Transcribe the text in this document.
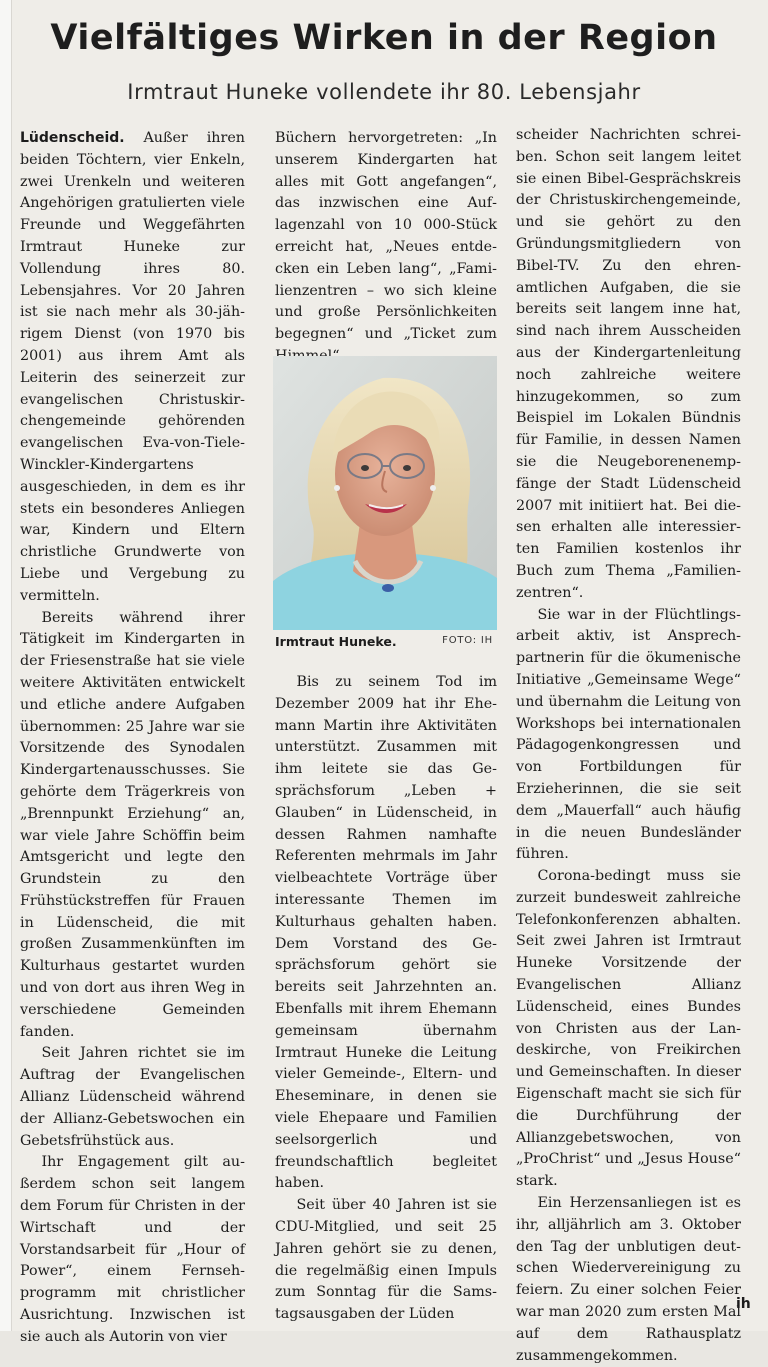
Vielfältiges Wirken in der Region
Irmtraut Huneke vollendete ihr 80. Lebensjahr

Lüdenscheid. Außer ihren beiden Töchtern, vier Enkeln, zwei Urenkeln und weiteren Angehörigen gratulierten viele Freunde und Weggefährten Irmtraut Huneke zur Vollendung ihres 80. Lebensjahres. Vor 20 Jahren ist sie nach mehr als 30-jährigem Dienst (von 1970 bis 2001) aus ihrem Amt als Leiterin des seinerzeit zur evangelischen Christuskirchengemeinde gehörenden evangelischen Eva-von-Tiele-Winckler-Kindergartens ausgeschieden, in dem es ihr stets ein besonderes Anliegen war, Kindern und Eltern christliche Grundwerte von Liebe und Vergebung zu vermitteln.

Bereits während ihrer Tätigkeit im Kindergarten in der Friesenstraße hat sie viele weitere Aktivitäten entwickelt und etliche andere Aufgaben übernommen: 25 Jahre war sie Vorsitzende des Synodalen Kindergartenausschusses. Sie gehörte dem Trägerkreis von „Brennpunkt Erziehung“ an, war viele Jahre Schöffin beim Amtsgericht und legte den Grundstein zu den Frühstückstreffen für Frauen in Lüdenscheid, die mit großen Zusammenkünften im Kulturhaus gestartet wurden und von dort aus ihren Weg in verschiedene Gemeinden fanden.

Seit Jahren richtet sie im Auftrag der Evangelischen Allianz Lüdenscheid während der Allianz-Gebetswochen ein Gebetsfrühstück aus.

Ihr Engagement gilt außerdem schon seit langem dem Forum für Christen in der Wirtschaft und der Vorstandsarbeit für „Hour of Power“, einem Fernsehprogramm mit christlicher Ausrichtung. Inzwischen ist sie auch als Autorin von vier

Büchern hervorgetreten: „In unserem Kindergarten hat alles mit Gott angefangen“, das inzwischen eine Auflagenzahl von 10 000-Stück erreicht hat, „Neues entdecken ein Leben lang“, „Familienzentren – wo sich kleine und große Persönlichkeiten begegnen“ und „Ticket zum

Irmtraut Huneke.	FOTO: IH

Bis zu seinem Tod im Dezember 2009 hat ihr Ehemann Martin ihre Aktivitäten unterstützt. Zusammen mit ihm leitete sie das Gesprächsforum „Leben + Glauben“ in Lüdenscheid, in dessen Rahmen namhafte Referenten mehrmals im Jahr vielbeachtete Vorträge über interessante Themen im Kulturhaus gehalten haben. Dem Vorstand des Gesprächsforum gehört sie bereits seit Jahrzehnten an. Ebenfalls mit ihrem Ehemann gemeinsam übernahm Irmtraut Huneke die Leitung vieler Gemeinde-, Eltern- und Eheseminare, in denen sie viele Ehepaare und Familien seelsorgerlich und freundschaftlich begleitet haben.

Seit über 40 Jahren ist sie CDU-Mitglied, und seit 25 Jahren gehört sie zu denen, die regelmäßig einen Impuls zum Sonntag für die Samstagsausgaben der Lüden

scheider Nachrichten schreiben. Schon seit langem leitet sie einen Bibel-Gesprächskreis der Christuskirchengemeinde, und sie gehört zu den Gründungsmitgliedern von Bibel-TV. Zu den ehrenamtlichen Aufgaben, die sie bereits seit langem inne hat, sind nach ihrem Ausscheiden aus der Kindergartenleitung noch zahlreiche weitere hinzugekommen, so zum Beispiel im Lokalen Bündnis für Familie, in dessen Namen sie die Neugeborenenempfänge der Stadt Lüdenscheid 2007 mit initiiert hat. Bei diesen erhalten alle interessierten Familien kostenlos ihr Buch zum Thema „Familienzentren“.

Sie war in der Flüchtlingsarbeit aktiv, ist Ansprechpartnerin für die ökumenische Initiative „Gemeinsame Wege“ und übernahm die Leitung von Workshops bei internationalen Pädagogenkongressen und von Fortbildungen für Erzieherinnen, die sie seit dem „Mauerfall“ auch häufig in die neuen Bundesländer führen.

Corona-bedingt muss sie zurzeit bundesweit zahlreiche Telefonkonferenzen abhalten. Seit zwei Jahren ist Irmtraut Huneke Vorsitzende der Evangelischen Allianz Lüdenscheid, eines Bundes von Christen aus der Landeskirche, von Freikirchen und Gemeinschaften. In dieser Eigenschaft macht sie sich für die Durchführung der Allianzgebetswochen, von „ProChrist“ und „Jesus House“ stark.

Ein Herzensanliegen ist es ihr, alljährlich am 3. Oktober den Tag der unblutigen deutschen Wiedervereinigung zu feiern. Zu einer solchen Feier war man 2020 zum ersten Mal auf dem Rathausplatz zusammengekommen.

ih
